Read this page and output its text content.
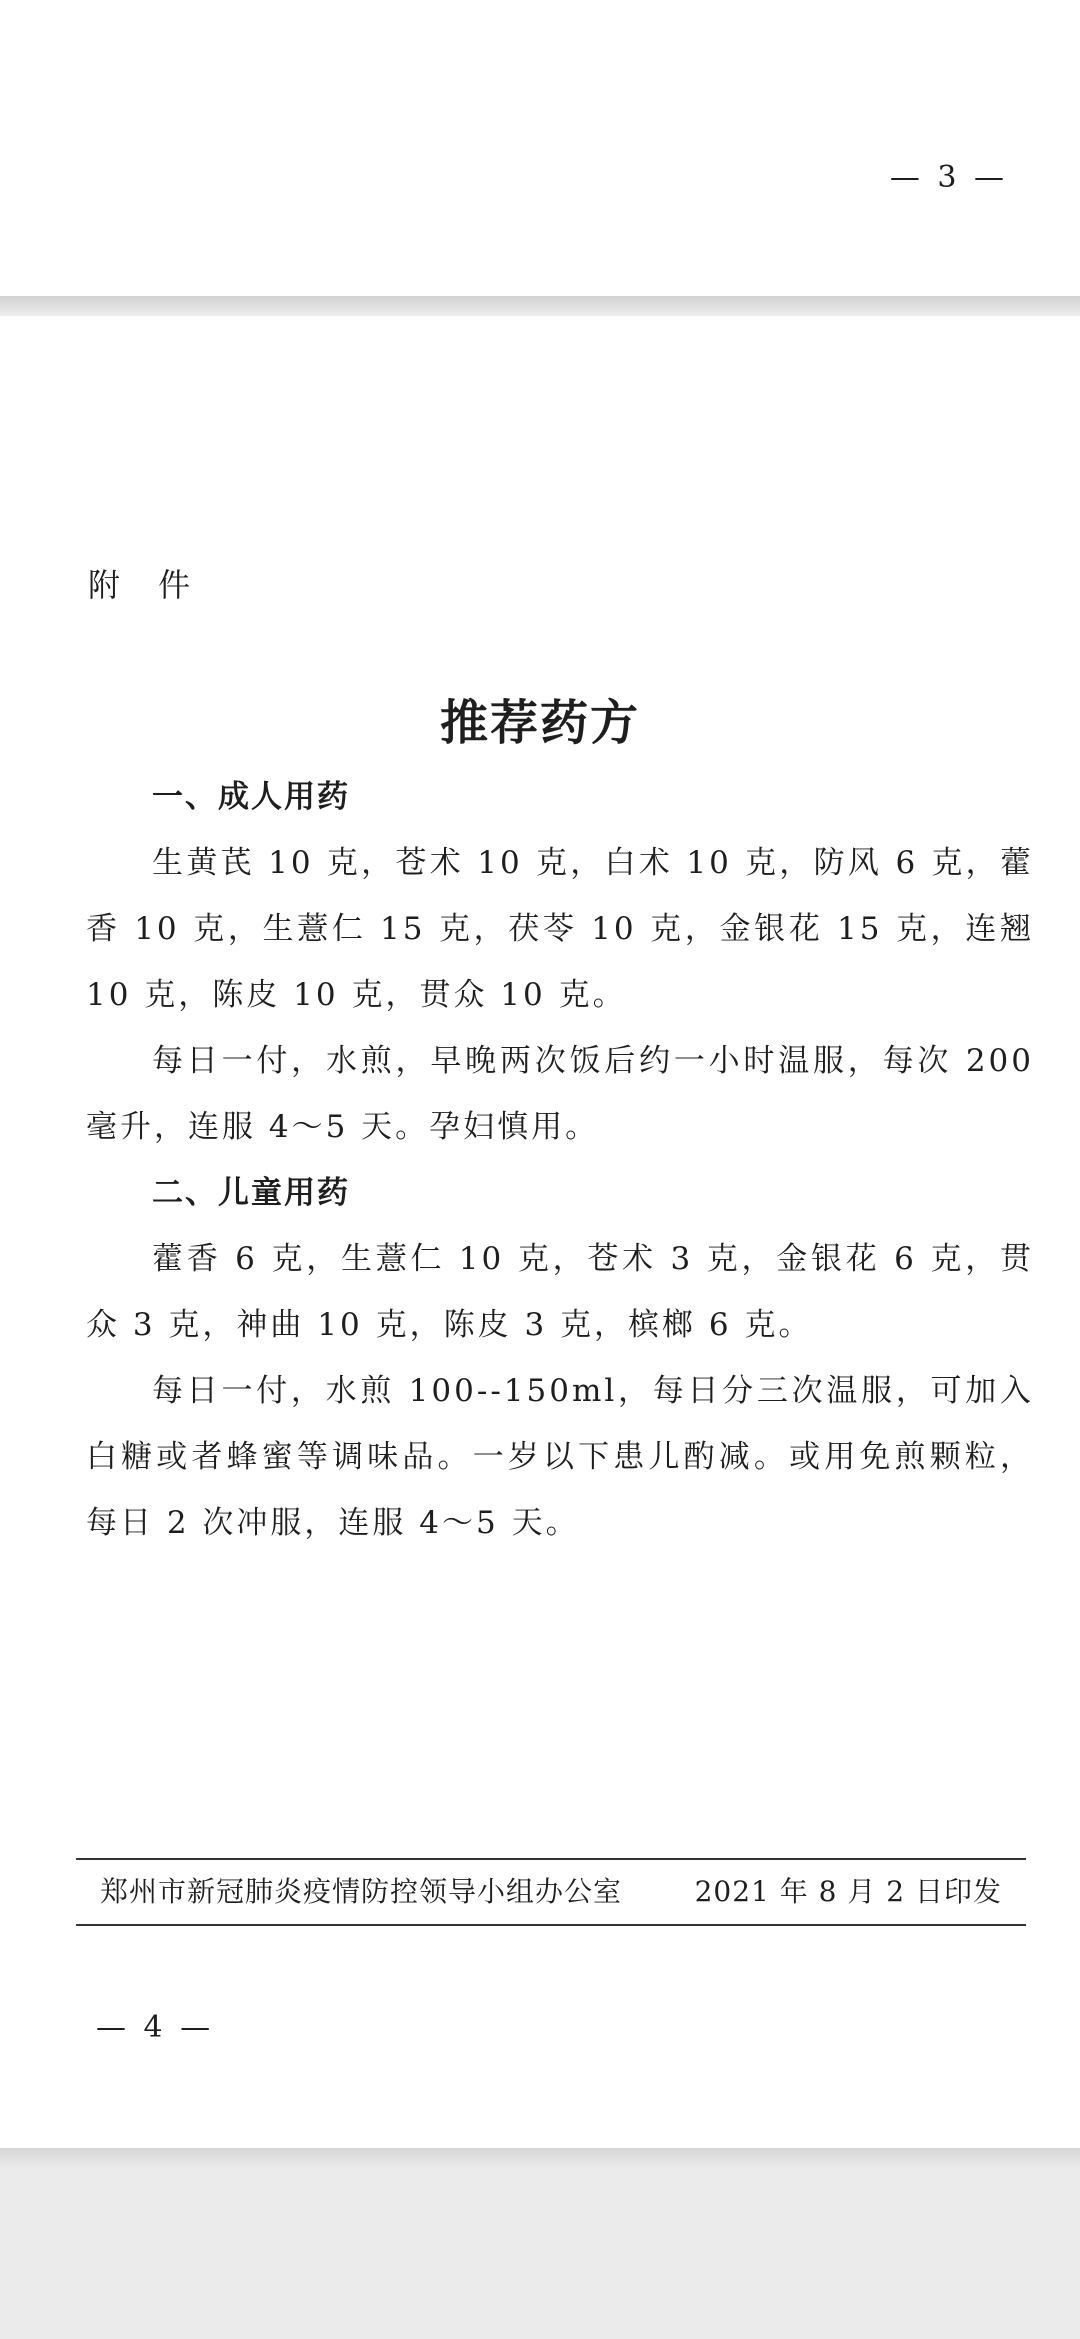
— 3 —
附 件
推荐药方

一、成人用药

生黄芪 10 克，苍术 10 克，白术 10 克，防风 6 克，藿香 10 克，生薏仁 15 克，茯苓 10 克，金银花 15 克，连翘 10 克，陈皮 10 克，贯众 10 克。

每日一付，水煎，早晚两次饭后约一小时温服，每次 200 毫升，连服 4～5 天。孕妇慎用。

二、儿童用药

藿香 6 克，生薏仁 10 克，苍术 3 克，金银花 6 克，贯众 3 克，神曲 10 克，陈皮 3 克，槟榔 6 克。

每日一付，水煎 100--150ml，每日分三次温服，可加入白糖或者蜂蜜等调味品。一岁以下患儿酌减。或用免煎颗粒，每日 2 次冲服，连服 4～5 天。

郑州市新冠肺炎疫情防控领导小组办公室	2021 年 8 月 2 日印发
— 4 —
